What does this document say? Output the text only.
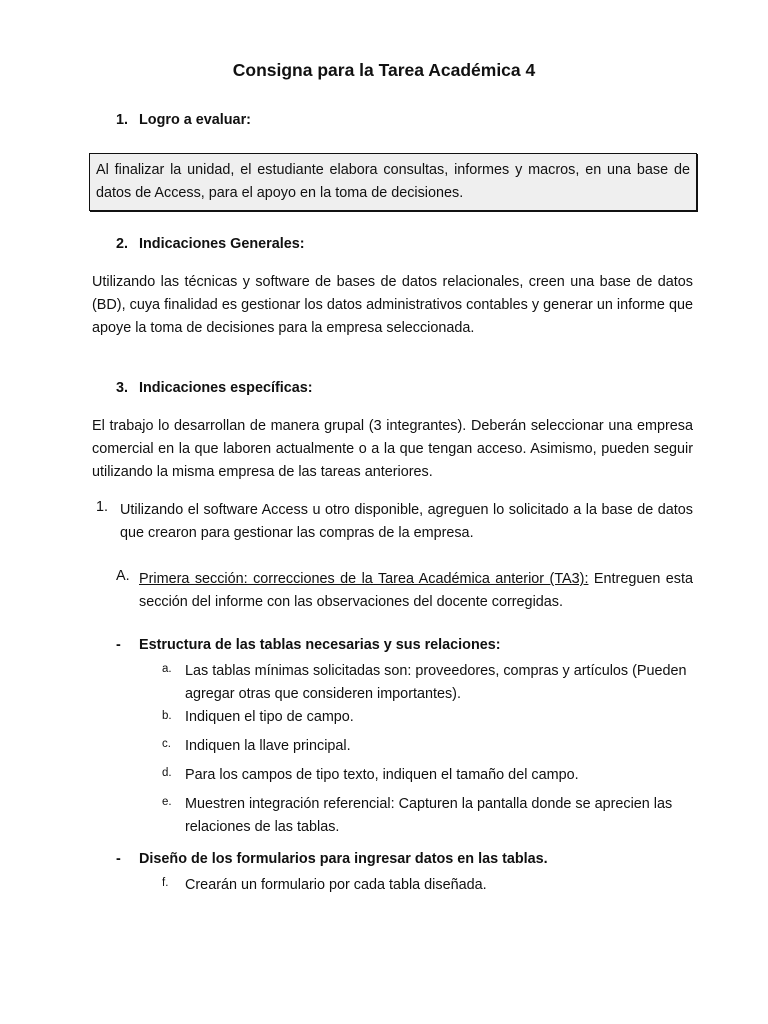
Consigna para la Tarea Académica 4
1. Logro a evaluar:
Al finalizar la unidad, el estudiante elabora consultas, informes y macros, en una base de datos de Access, para el apoyo en la toma de decisiones.
2. Indicaciones Generales:
Utilizando las técnicas y software de bases de datos relacionales, creen una base de datos (BD), cuya finalidad es gestionar los datos administrativos contables y generar un informe que apoye la toma de decisiones para la empresa seleccionada.
3. Indicaciones específicas:
El trabajo lo desarrollan de manera grupal (3 integrantes). Deberán seleccionar una empresa comercial en la que laboren actualmente o a la que tengan acceso. Asimismo, pueden seguir utilizando la misma empresa de las tareas anteriores.
1. Utilizando el software Access u otro disponible, agreguen lo solicitado a la base de datos que crearon para gestionar las compras de la empresa.
A. Primera sección: correcciones de la Tarea Académica anterior (TA3): Entreguen esta sección del informe con las observaciones del docente corregidas.
- Estructura de las tablas necesarias y sus relaciones:
a. Las tablas mínimas solicitadas son: proveedores, compras y artículos (Pueden agregar otras que consideren importantes).
b. Indiquen el tipo de campo.
c. Indiquen la llave principal.
d. Para los campos de tipo texto, indiquen el tamaño del campo.
e. Muestren integración referencial: Capturen la pantalla donde se aprecien las relaciones de las tablas.
- Diseño de los formularios para ingresar datos en las tablas.
f. Crearán un formulario por cada tabla diseñada.
